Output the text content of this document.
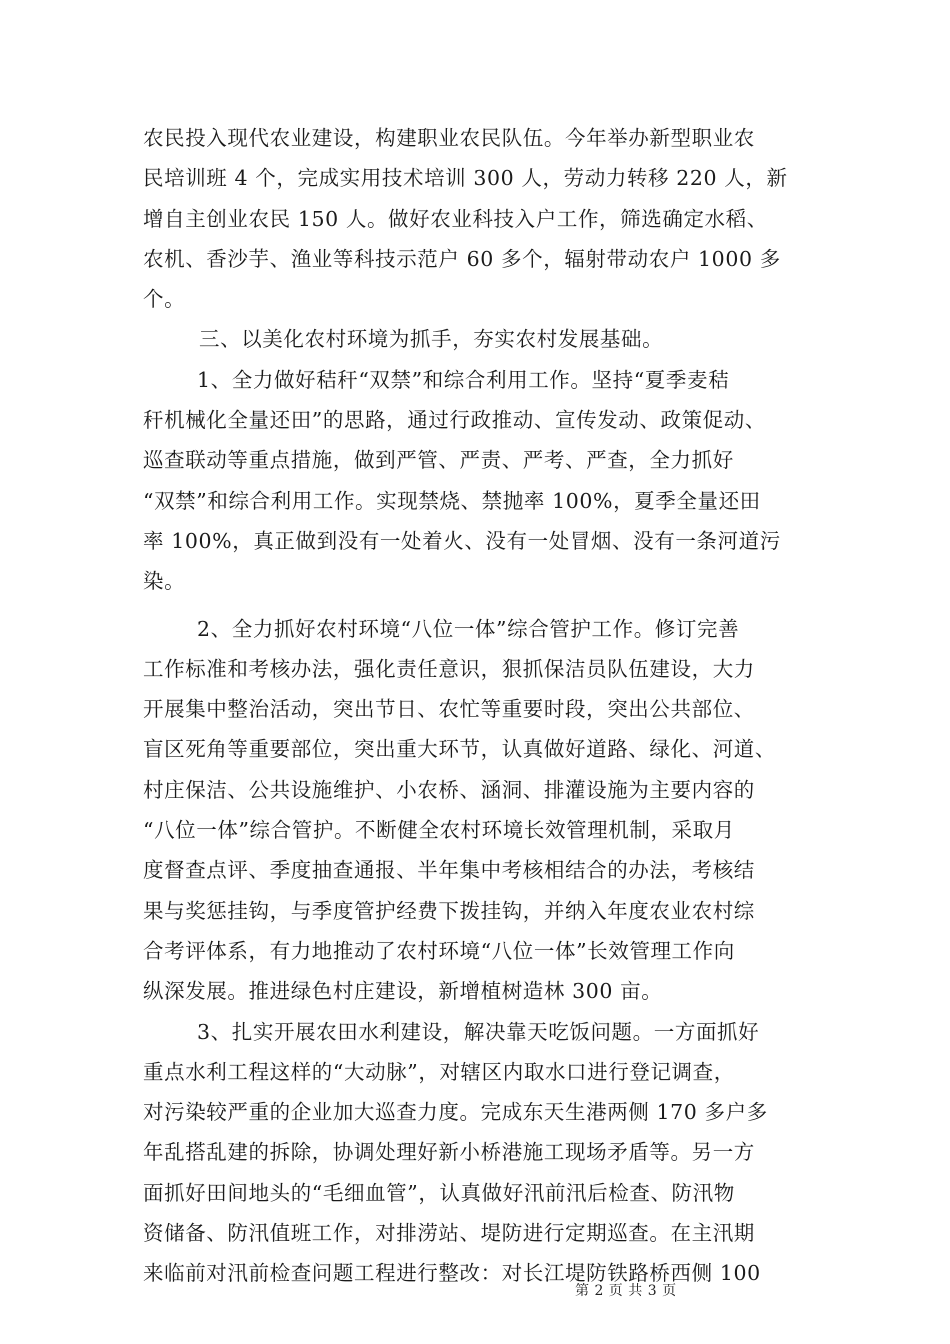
农民投入现代农业建设，构建职业农民队伍。今年举办新型职业农
民培训班 4 个，完成实用技术培训 300 人，劳动力转移 220 人，新
增自主创业农民 150 人。做好农业科技入户工作，筛选确定水稻、
农机、香沙芋、渔业等科技示范户 60 多个，辐射带动农户 1000 多
个。
三、以美化农村环境为抓手，夯实农村发展基础。
1、全力做好秸秆“双禁”和综合利用工作。坚持“夏季麦秸
秆机械化全量还田”的思路，通过行政推动、宣传发动、政策促动、
巡查联动等重点措施，做到严管、严责、严考、严查，全力抓好
“双禁”和综合利用工作。实现禁烧、禁抛率 100%，夏季全量还田
率 100%，真正做到没有一处着火、没有一处冒烟、没有一条河道污
染。
2、全力抓好农村环境“八位一体”综合管护工作。修订完善
工作标准和考核办法，强化责任意识，狠抓保洁员队伍建设，大力
开展集中整治活动，突出节日、农忙等重要时段，突出公共部位、
盲区死角等重要部位，突出重大环节，认真做好道路、绿化、河道、
村庄保洁、公共设施维护、小农桥、涵洞、排灌设施为主要内容的
“八位一体”综合管护。不断健全农村环境长效管理机制，采取月
度督查点评、季度抽查通报、半年集中考核相结合的办法，考核结
果与奖惩挂钩，与季度管护经费下拨挂钩，并纳入年度农业农村综
合考评体系，有力地推动了农村环境“八位一体”长效管理工作向
纵深发展。推进绿色村庄建设，新增植树造林 300 亩。
3、扎实开展农田水利建设，解决靠天吃饭问题。一方面抓好
重点水利工程这样的“大动脉”，对辖区内取水口进行登记调查，
对污染较严重的企业加大巡查力度。完成东天生港两侧 170 多户多
年乱搭乱建的拆除，协调处理好新小桥港施工现场矛盾等。另一方
面抓好田间地头的“毛细血管”，认真做好汛前汛后检查、防汛物
资储备、防汛值班工作，对排涝站、堤防进行定期巡查。在主汛期
来临前对汛前检查问题工程进行整改：对长江堤防铁路桥西侧 100
第 2 页 共 3 页
